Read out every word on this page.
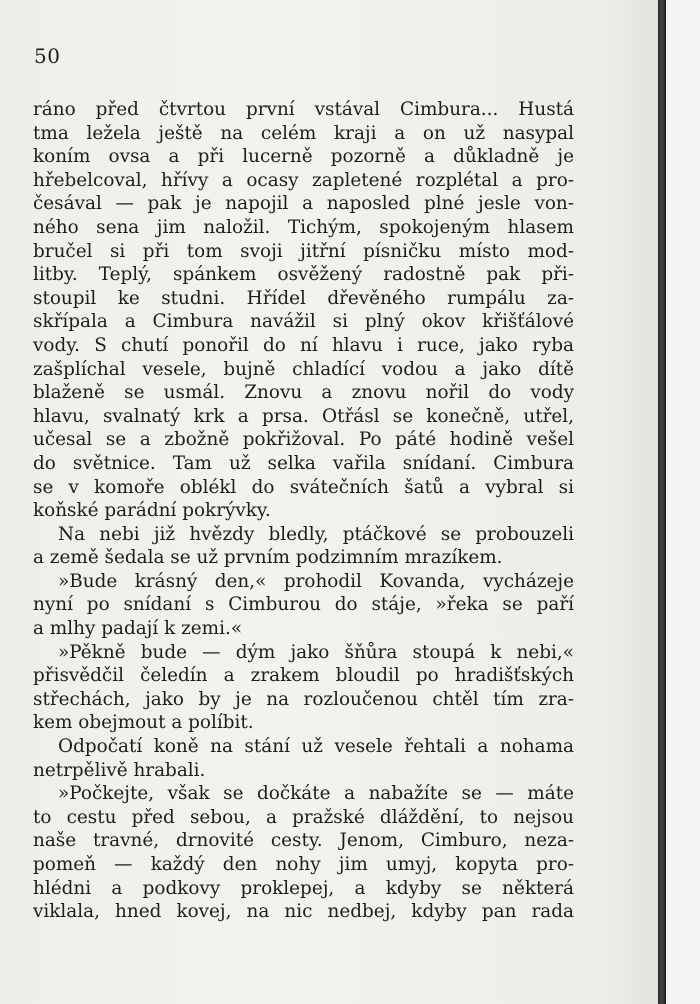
50
ráno před čtvrtou první vstával Cimbura... Hustá
tma ležela ještě na celém kraji a on už nasypal
koním ovsa a při lucerně pozorně a důkladně je
hřebelcoval, hřívy a ocasy zapletené rozplétal a pro-
česával — pak je napojil a naposled plné jesle von-
ného sena jim naložil. Tichým, spokojeným hlasem
bručel si při tom svoji jitřní písničku místo mod-
litby. Teplý, spánkem osvěžený radostně pak při-
stoupil ke studni. Hřídel dřevěného rumpálu za-
skřípala a Cimbura navážil si plný okov křišťálové
vody. S chutí ponořil do ní hlavu i ruce, jako ryba
zašplíchal vesele, bujně chladící vodou a jako dítě
blaženě se usmál. Znovu a znovu nořil do vody
hlavu, svalnatý krk a prsa. Otřásl se konečně, utřel,
učesal se a zbožně pokřižoval. Po páté hodině vešel
do světnice. Tam už selka vařila snídaní. Cimbura
se v komoře oblékl do svátečních šatů a vybral si
koňské parádní pokrývky.
Na nebi již hvězdy bledly, ptáčkové se probouzeli
a země šedala se už prvním podzimním mrazíkem.
»Bude krásný den,« prohodil Kovanda, vycházeje
nyní po snídaní s Cimburou do stáje, »řeka se paří
a mlhy padají k zemi.«
»Pěkně bude — dým jako šňůra stoupá k nebi,«
přisvědčil čeledín a zrakem bloudil po hradišťských
střechách, jako by je na rozloučenou chtěl tím zra-
kem obejmout a políbit.
Odpočatí koně na stání už vesele řehtali a nohama
netrpělivě hrabali.
»Počkejte, však se dočkáte a nabažíte se — máte
to cestu před sebou, a pražské dláždění, to nejsou
naše travné, drnovité cesty. Jenom, Cimburo, neza-
pomeň — každý den nohy jim umyj, kopyta pro-
hlédni a podkovy proklepej, a kdyby se některá
viklala, hned kovej, na nic nedbej, kdyby pan rada
